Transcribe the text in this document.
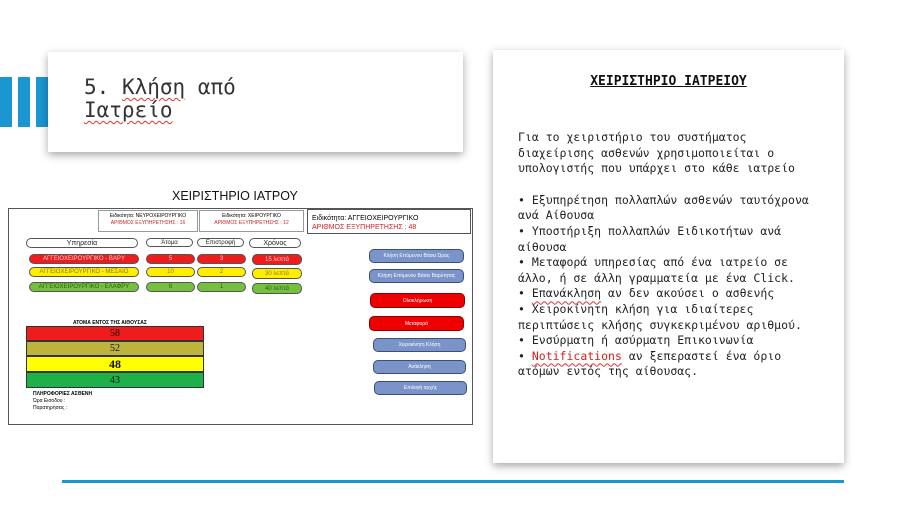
5. Κλήση από
Ιατρείο
ΧΕΙΡΙΣΤΗΡΙΟ ΙΑΤΡΟΥ
Ειδικότητα: ΝΕΥΡΟΧΕΙΡΟΥΡΓΙΚΟ
ΑΡΙΘΜΟΣ ΕΞΥΠΗΡΕΤΗΣΗΣ : 16
Ειδικότητα: ΧΕΙΡΟΥΡΓΙΚΟ
ΑΡΙΘΜΟΣ ΕΞΥΠΗΡΕΤΗΣΗΣ : 12
Ειδικότητα: ΑΓΓΕΙΟΧΕΙΡΟΥΡΓΙΚΟ
ΑΡΙΘΜΟΣ ΕΞΥΠΗΡΕΤΗΣΗΣ : 48
Υπηρεσία	Άτομα	Επιστροφή	Χρόνος
ΑΓΓΕΙΟΧΕΙΡΟΥΡΓΙΚΟ - ΒΑΡΥ	5	3	15 λεπτά
ΑΓΓΕΙΟΧΕΙΡΟΥΡΓΙΚΟ - ΜΕΣΑΙΟ	10	2	30 λεπτά
ΑΓΓΕΙΟΧΕΙΡΟΥΡΓΙΚΟ - ΕΛΑΦΡΥ	8	1	40 λεπτά
Κλήση Επόμενου Βάσει Ώρας
Κλήση Επόμενου Βάσει Βαρύτητας
Ολοκλήρωση
Μεταφορά
Χειροκίνητη Κλήση
Ανάκληση
Επιλογή αρχής
ΑΤΟΜΑ ΕΝΤΟΣ ΤΗΣ ΑΙΘΟΥΣΑΣ
58
52
48
43
ΠΛΗΡΟΦΟΡΙΕΣ ΑΣΘΕΝΗ
Ώρα Εισόδου :
Παρατηρήσεις :
ΧΕΙΡΙΣΤΗΡΙΟ ΙΑΤΡΕΙΟΥ

Για το χειριστήριο του συστήματος διαχείρισης ασθενών χρησιμοποιείται ο υπολογιστής που υπάρχει στο κάθε ιατρείο

• Εξυπηρέτηση πολλαπλών ασθενών ταυτόχρονα ανά Αίθουσα
• Υποστήριξη πολλαπλών Ειδικοτήτων ανά αίθουσα
• Μεταφορά υπηρεσίας από ένα ιατρείο σε άλλο, ή σε άλλη γραμματεία με ένα Click.
• Επανάκληση αν δεν ακούσει ο ασθενής
• Χειροκίνητη κλήση για ιδιαίτερες περιπτώσεις κλήσης συγκεκριμένου αριθμού.
• Ενσύρματη ή ασύρματη Επικοινωνία
• Notifications αν ξεπεραστεί ένα όριο ατόμων εντός της αίθουσας.
